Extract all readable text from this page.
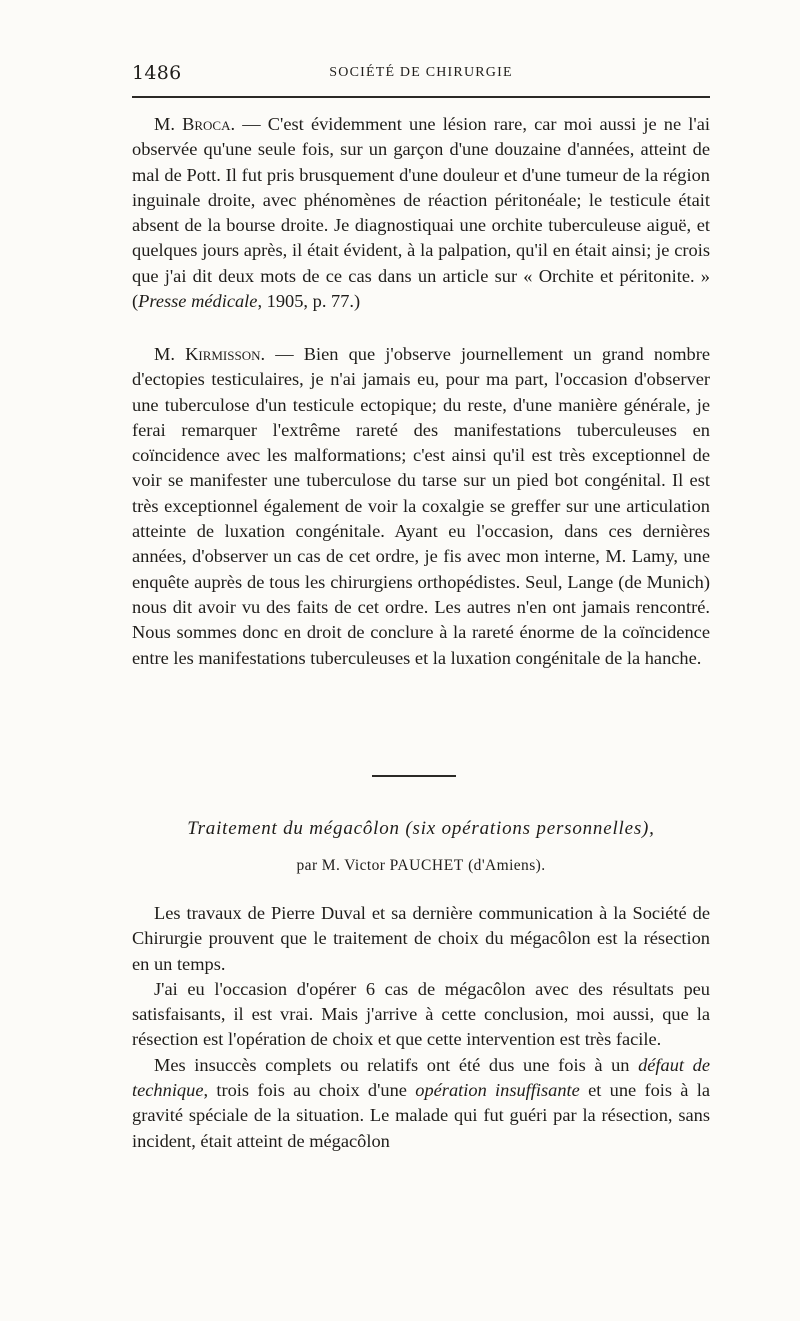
1486	SOCIÉTÉ DE CHIRURGIE

M. Broca. — C'est évidemment une lésion rare, car moi aussi je ne l'ai observée qu'une seule fois, sur un garçon d'une douzaine d'années, atteint de mal de Pott. Il fut pris brusquement d'une douleur et d'une tumeur de la région inguinale droite, avec phénomènes de réaction péritonéale; le testicule était absent de la bourse droite. Je diagnostiquai une orchite tuberculeuse aiguë, et quelques jours après, il était évident, à la palpation, qu'il en était ainsi; je crois que j'ai dit deux mots de ce cas dans un article sur « Orchite et péritonite. » (Presse médicale, 1905, p. 77.)

M. Kirmisson. — Bien que j'observe journellement un grand nombre d'ectopies testiculaires, je n'ai jamais eu, pour ma part, l'occasion d'observer une tuberculose d'un testicule ectopique; du reste, d'une manière générale, je ferai remarquer l'extrême rareté des manifestations tuberculeuses en coïncidence avec les malformations; c'est ainsi qu'il est très exceptionnel de voir se manifester une tuberculose du tarse sur un pied bot congénital. Il est très exceptionnel également de voir la coxalgie se greffer sur une articulation atteinte de luxation congénitale. Ayant eu l'occasion, dans ces dernières années, d'observer un cas de cet ordre, je fis avec mon interne, M. Lamy, une enquête auprès de tous les chirurgiens orthopédistes. Seul, Lange (de Munich) nous dit avoir vu des faits de cet ordre. Les autres n'en ont jamais rencontré. Nous sommes donc en droit de conclure à la rareté énorme de la coïncidence entre les manifestations tuberculeuses et la luxation congénitale de la hanche.

Traitement du mégacôlon (six opérations personnelles),
par M. Victor PAUCHET (d'Amiens).

Les travaux de Pierre Duval et sa dernière communication à la Société de Chirurgie prouvent que le traitement de choix du mégacôlon est la résection en un temps.

J'ai eu l'occasion d'opérer 6 cas de mégacôlon avec des résultats peu satisfaisants, il est vrai. Mais j'arrive à cette conclusion, moi aussi, que la résection est l'opération de choix et que cette intervention est très facile.

Mes insuccès complets ou relatifs ont été dus une fois à un défaut de technique, trois fois au choix d'une opération insuffisante et une fois à la gravité spéciale de la situation. Le malade qui fut guéri par la résection, sans incident, était atteint de mégacôlon
